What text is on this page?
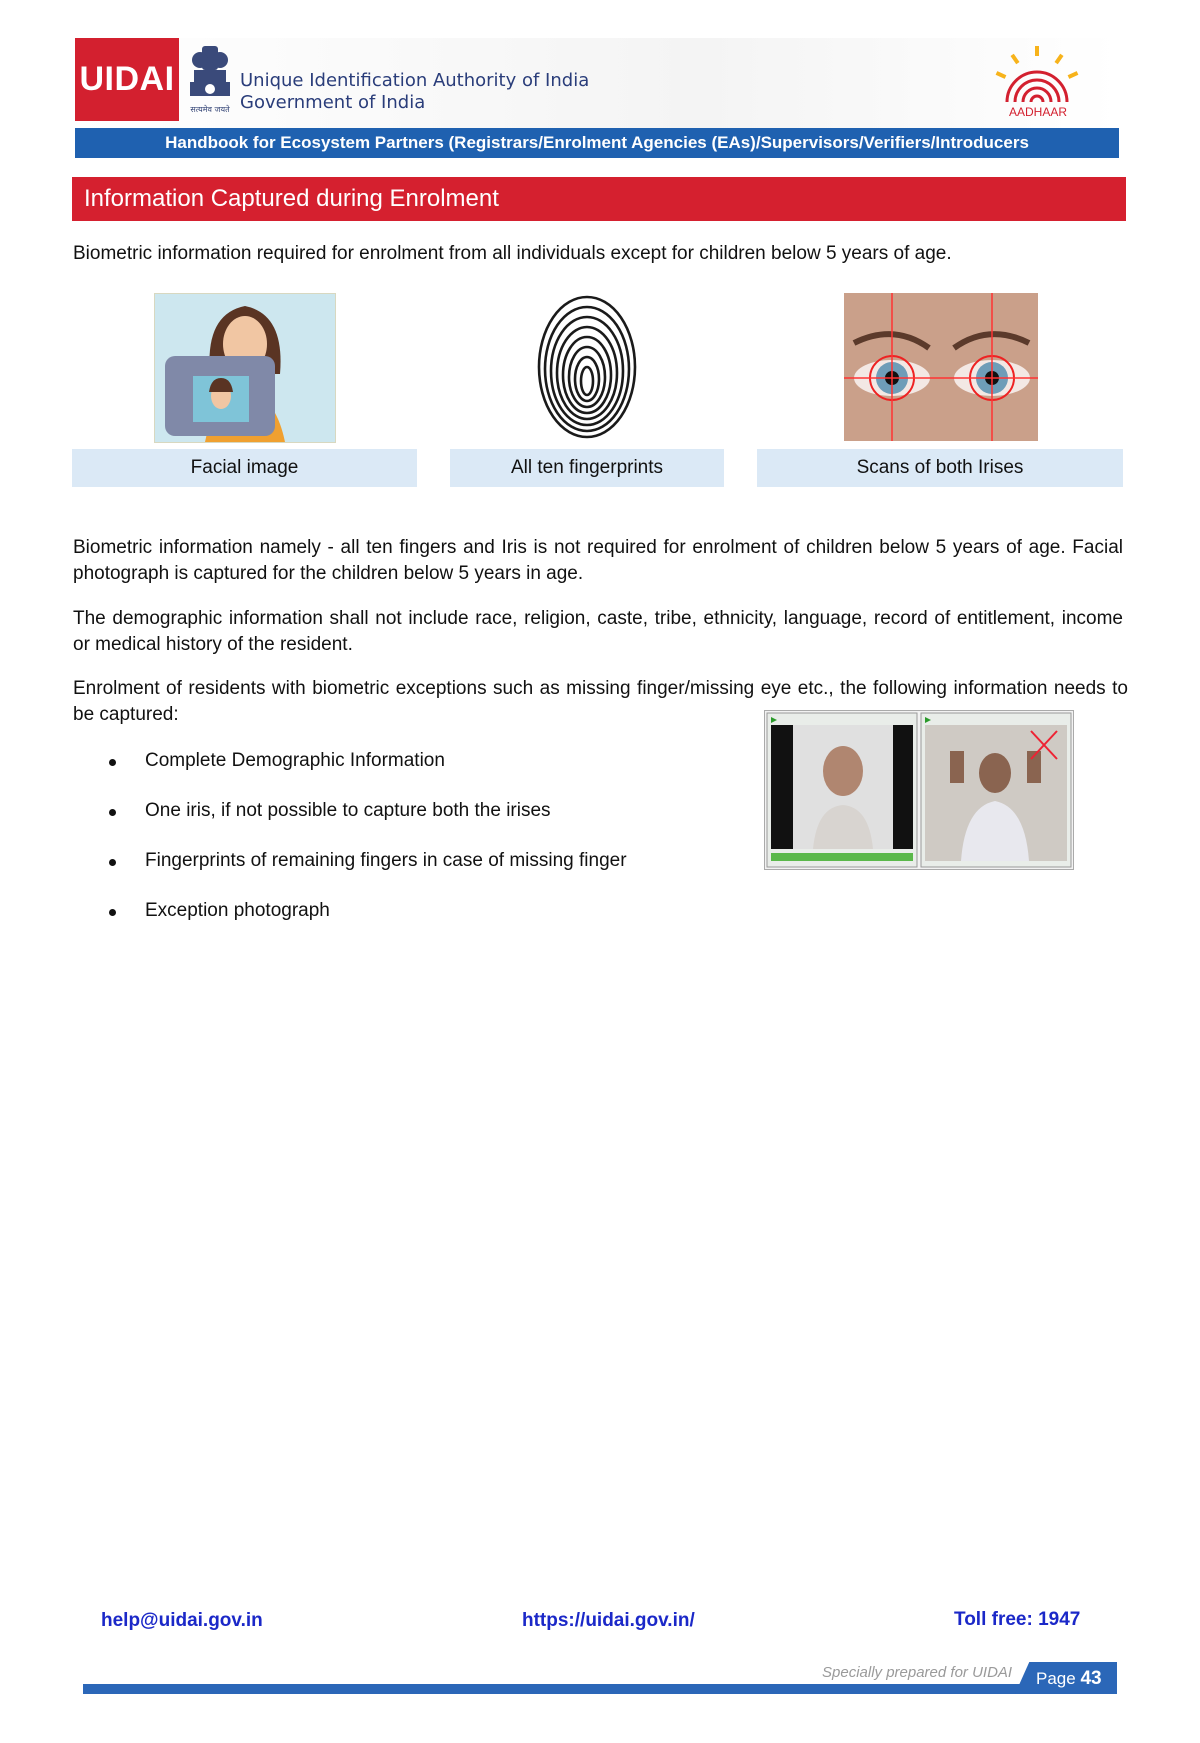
UIDAI
सत्यमेव जयते
Unique Identification Authority of India
Government of India	AADHAAR
Handbook for Ecosystem Partners (Registrars/Enrolment Agencies (EAs)/Supervisors/Verifiers/Introducers
Information Captured during Enrolment
Biometric information required for enrolment from all individuals except for children below 5 years of age.
Facial image	All ten fingerprints	Scans of both Irises
Biometric information namely - all ten fingers and Iris is not required for enrolment of children below 5 years of age. Facial photograph is captured for the children below 5 years in age.
The demographic information shall not include race, religion, caste, tribe, ethnicity, language, record of entitlement, income or medical history of the resident.
Enrolment of residents with biometric exceptions such as missing finger/missing eye etc., the following information needs to be captured:
Complete Demographic Information
One iris, if not possible to capture both the irises
Fingerprints of remaining fingers in case of missing finger
Exception photograph
help@uidai.gov.in	https://uidai.gov.in/	Toll free: 1947
Specially prepared for UIDAI Page 43
